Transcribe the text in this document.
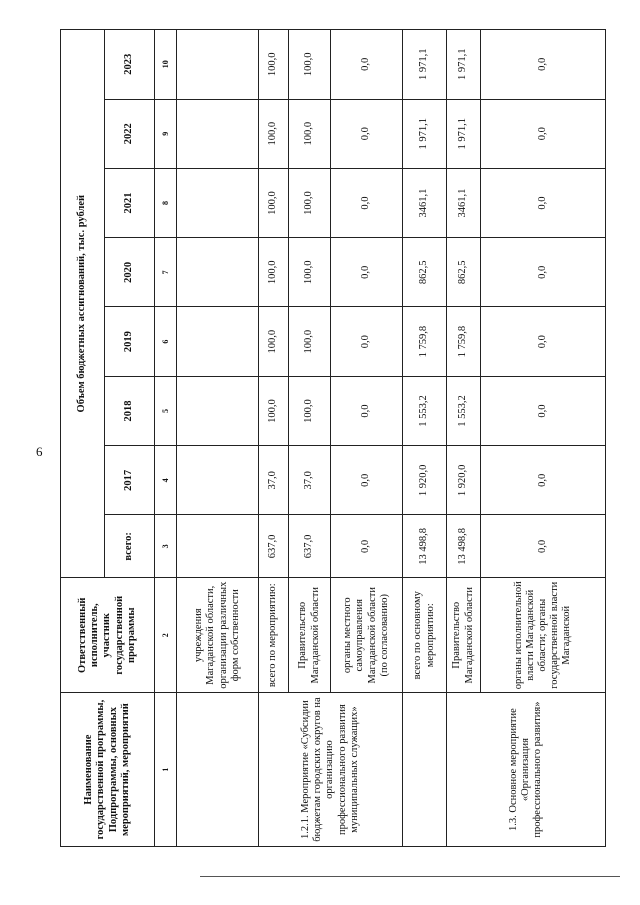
6
Наименование государственной программы, Подпрограммы, основных мероприятий, мероприятий	Ответственный исполнитель, участник государственной программы	Объем бюджетных ассигнований, тыс. рублей							
		всего:	2017	2018	2019	2020	2021	2022	2023
1	2	3	4	5	6	7	8	9	10
	учреждения Магаданской области, организации различных форм собственности								
1.2.1. Мероприятие «Субсидии бюджетам городских округов на организацию профессионального развития муниципальных служащих»	всего по мероприятию:	637,0	37,0	100,0	100,0	100,0	100,0	100,0	100,0
	Правительство Магаданской области	637,0	37,0	100,0	100,0	100,0	100,0	100,0	100,0
	органы местного самоуправления Магаданской области (по согласованию)	0,0	0,0	0,0	0,0	0,0	0,0	0,0	0,0
	всего по основному мероприятию:	13 498,8	1 920,0	1 553,2	1 759,8	862,5	3461,1	1 971,1	1 971,1
1.3. Основное мероприятие «Организация профессионального развития»	Правительство Магаданской области	13 498,8	1 920,0	1 553,2	1 759,8	862,5	3461,1	1 971,1	1 971,1
	органы исполнительной власти Магаданской области; органы государственной власти Магаданской	0,0	0,0	0,0	0,0	0,0	0,0	0,0	0,0
